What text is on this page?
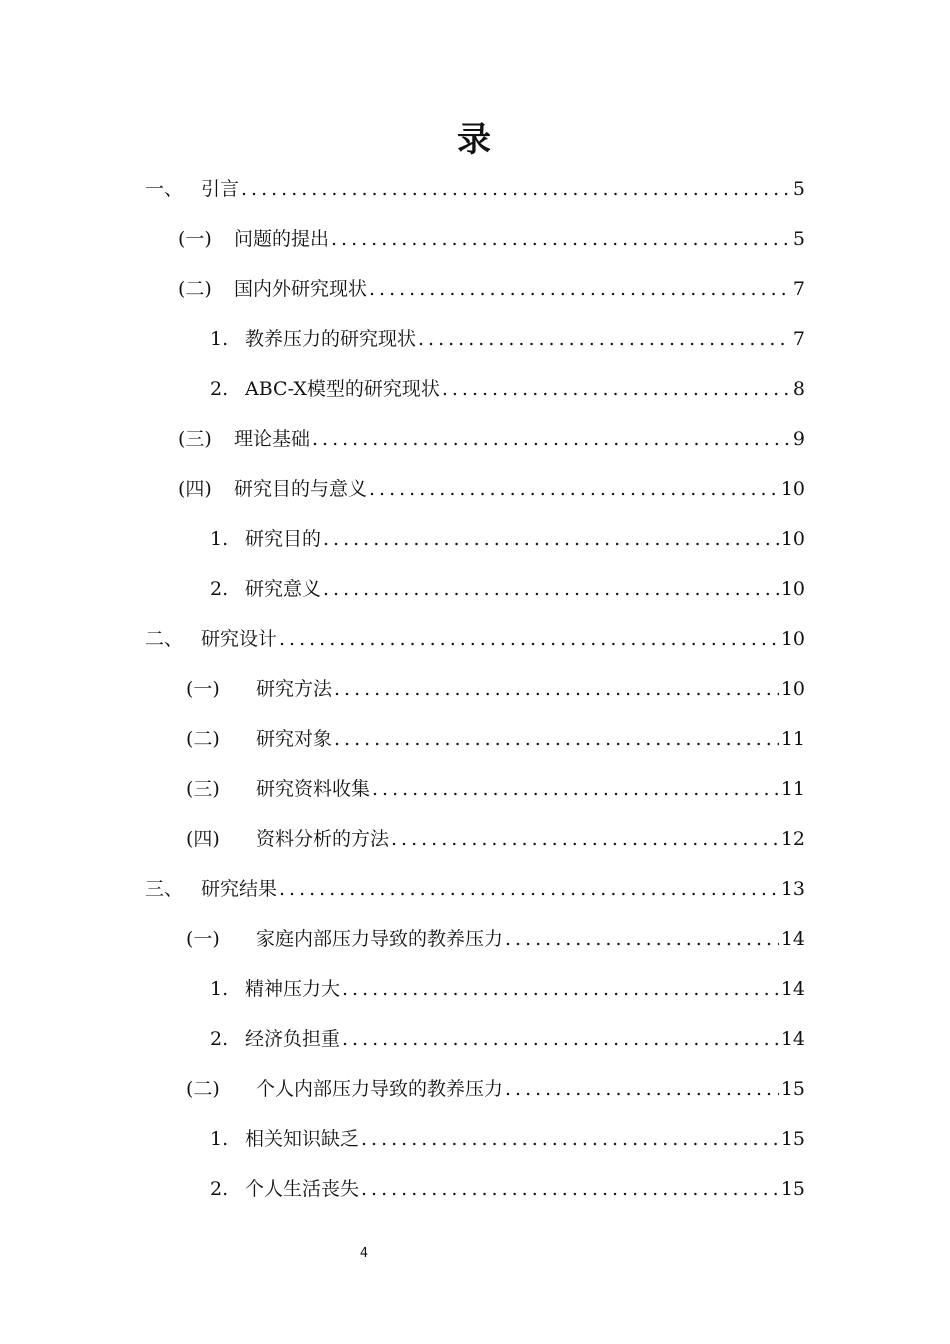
录
一、 引言 .....	5
(一)	问题的提出 .....	5
(二)	国内外研究现状 .....	7
1. 教养压力的研究现状 .....	7
2. ABC-X模型的研究现状 .....	8
(三)	理论基础 .....	9
(四)	研究目的与意义 .....	10
1. 研究目的 .....	10
2. 研究意义 .....	10
二、 研究设计 .....	10
(一)	研究方法 .....	10
(二)	研究对象 .....	11
(三)	研究资料收集 .....	11
(四)	资料分析的方法 .....	12
三、 研究结果 .....	13
(一)	家庭内部压力导致的教养压力 .....	14
1. 精神压力大 .....	14
2. 经济负担重 .....	14
(二)	个人内部压力导致的教养压力 .....	15
1. 相关知识缺乏 .....	15
2. 个人生活丧失 .....	15
4
